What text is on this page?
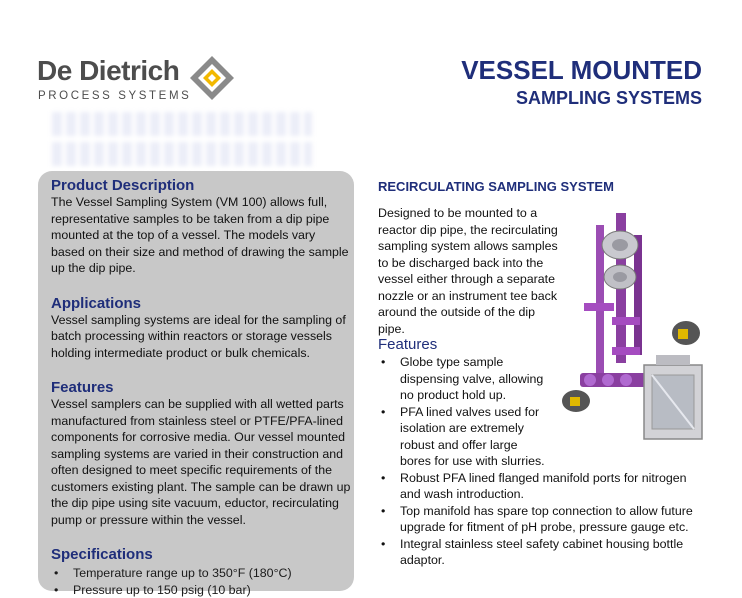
De Dietrich
PROCESS SYSTEMS
VESSEL MOUNTED
SAMPLING SYSTEMS
Product Description

The Vessel Sampling System (VM 100) allows full, representative samples to be taken from a dip pipe mounted at the top of a vessel. The models vary based on their size and method of drawing the sample up the dip pipe.

Applications

Vessel sampling systems are ideal for the sampling of batch processing within reactors or storage vessels holding intermediate product or bulk chemicals.

Features

Vessel samplers can be supplied with all wetted parts manufactured from stainless steel or PTFE/PFA-lined components for corrosive media. Our vessel mounted sampling systems are varied in their construction and often designed to meet specific requirements of the customers existing plant. The sample can be drawn up the dip pipe using site vacuum, eductor, recirculating pump or pressure within the vessel.

Specifications
• Temperature range up to 350°F (180°C)
• Pressure up to 150 psig (10 bar)
RECIRCULATING SAMPLING SYSTEM
Designed to be mounted to a reactor dip pipe, the recirculating sampling system allows samples to be discharged back into the vessel either through a separate nozzle or an instrument tee back around the outside of the dip pipe.
Features
• Globe type sample dispensing valve, allowing no product hold up.
• PFA lined valves used for isolation are extremely robust and offer large bores for use with slurries.
• Robust PFA lined flanged manifold ports for nitrogen and wash introduction.
• Top manifold has spare top connection to allow future upgrade for fitment of pH probe, pressure gauge etc.
• Integral stainless steel safety cabinet housing bottle adaptor.
